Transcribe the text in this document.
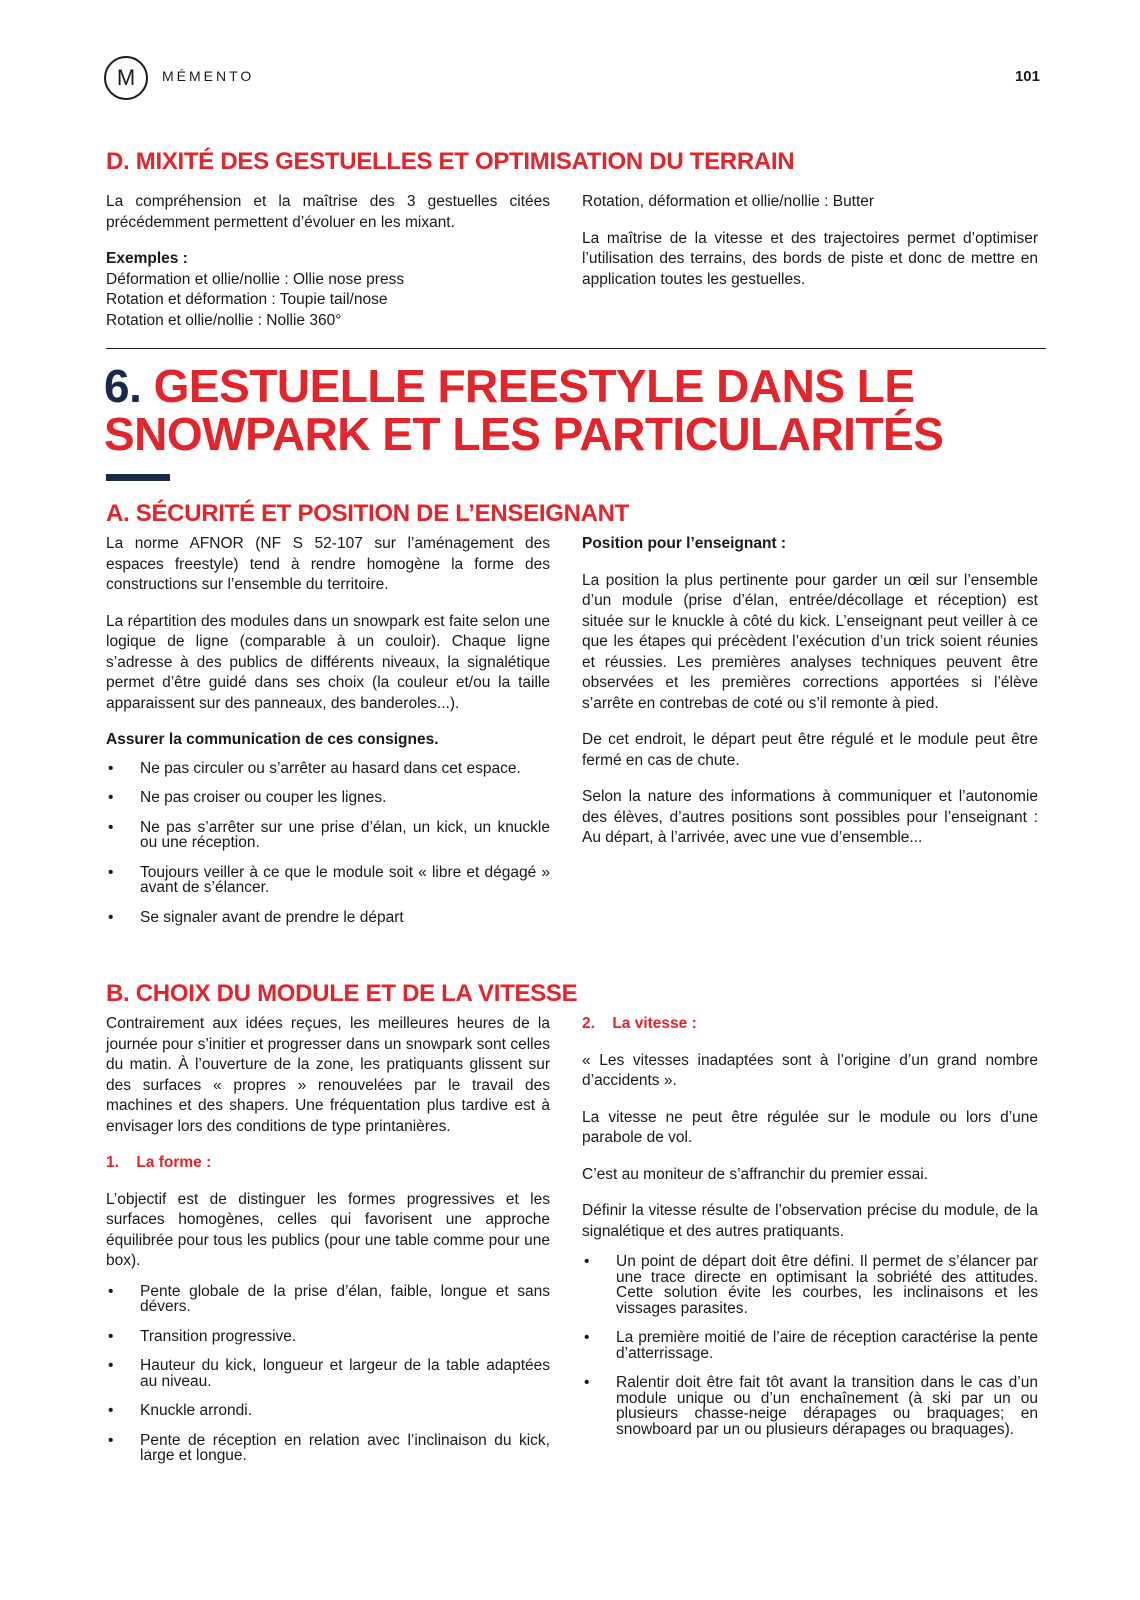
M MÉMENTO	101
D. MIXITÉ DES GESTUELLES ET OPTIMISATION DU TERRAIN

La compréhension et la maîtrise des 3 gestuelles citées précédemment permettent d’évoluer en les mixant.

Exemples :
Déformation et ollie/nollie : Ollie nose press
Rotation et déformation : Toupie tail/nose
Rotation et ollie/nollie : Nollie 360°

Rotation, déformation et ollie/nollie : Butter

La maîtrise de la vitesse et des trajectoires permet d’optimiser l’utilisation des terrains, des bords de piste et donc de mettre en application toutes les gestuelles.

6. GESTUELLE FREESTYLE DANS LE SNOWPARK ET LES PARTICULARITÉS
A. SÉCURITÉ ET POSITION DE L’ENSEIGNANT

La norme AFNOR (NF S 52-107 sur l’aménagement des espaces freestyle) tend à rendre homogène la forme des constructions sur l’ensemble du territoire.

La répartition des modules dans un snowpark est faite selon une logique de ligne (comparable à un couloir). Chaque ligne s’adresse à des publics de différents niveaux, la signalétique permet d’être guidé dans ses choix (la couleur et/ou la taille apparaissent sur des panneaux, des banderoles...).

Assurer la communication de ces consignes.

• Ne pas circuler ou s’arrêter au hasard dans cet espace.
• Ne pas croiser ou couper les lignes.
• Ne pas s’arrêter sur une prise d’élan, un kick, un knuckle ou une réception.
• Toujours veiller à ce que le module soit « libre et dégagé » avant de s’élancer.
• Se signaler avant de prendre le départ

Position pour l’enseignant :

La position la plus pertinente pour garder un œil sur l’ensemble d’un module (prise d’élan, entrée/décollage et réception) est située sur le knuckle à côté du kick. L’enseignant peut veiller à ce que les étapes qui précèdent l’exécution d’un trick soient réunies et réussies. Les premières analyses techniques peuvent être observées et les premières corrections apportées si l’élève s’arrête en contrebas de coté ou s’il remonte à pied.

De cet endroit, le départ peut être régulé et le module peut être fermé en cas de chute.

Selon la nature des informations à communiquer et l’autonomie des élèves, d’autres positions sont possibles pour l’enseignant : Au départ, à l’arrivée, avec une vue d’ensemble...

B. CHOIX DU MODULE ET DE LA VITESSE

Contrairement aux idées reçues, les meilleures heures de la journée pour s’initier et progresser dans un snowpark sont celles du matin. À l’ouverture de la zone, les pratiquants glissent sur des surfaces « propres » renouvelées par le travail des machines et des shapers. Une fréquentation plus tardive est à envisager lors des conditions de type printanières.

1. La forme :

L’objectif est de distinguer les formes progressives et les surfaces homogènes, celles qui favorisent une approche équilibrée pour tous les publics (pour une table comme pour une box).

• Pente globale de la prise d’élan, faible, longue et sans dévers.
• Transition progressive.
• Hauteur du kick, longueur et largeur de la table adaptées au niveau.
• Knuckle arrondi.
• Pente de réception en relation avec l’inclinaison du kick, large et longue.
2. La vitesse :

« Les vitesses inadaptées sont à l’origine d’un grand nombre d’accidents ».

La vitesse ne peut être régulée sur le module ou lors d’une parabole de vol.

C’est au moniteur de s’affranchir du premier essai.

Définir la vitesse résulte de l’observation précise du module, de la signalétique et des autres pratiquants.

• Un point de départ doit être défini. Il permet de s’élancer par une trace directe en optimisant la sobriété des attitudes. Cette solution évite les courbes, les inclinaisons et les vissages parasites.
• La première moitié de l’aire de réception caractérise la pente d’atterrissage.
• Ralentir doit être fait tôt avant la transition dans le cas d’un module unique ou d’un enchaînement (à ski par un ou plusieurs chasse-neige dérapages ou braquages; en snowboard par un ou plusieurs dérapages ou braquages).
